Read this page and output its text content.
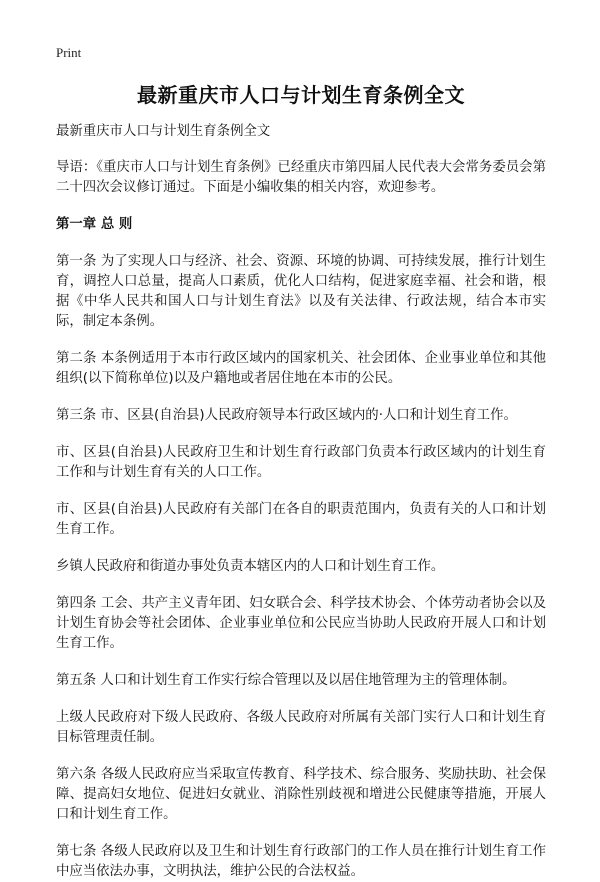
Print
最新重庆市人口与计划生育条例全文

最新重庆市人口与计划生育条例全文

导语：《重庆市人口与计划生育条例》已经重庆市第四届人民代表大会常务委员会第二十四次会议修订通过。下面是小编收集的相关内容，欢迎参考。

第一章 总 则

第一条 为了实现人口与经济、社会、资源、环境的协调、可持续发展，推行计划生育，调控人口总量，提高人口素质，优化人口结构，促进家庭幸福、社会和谐，根据《中华人民共和国人口与计划生育法》以及有关法律、行政法规，结合本市实际，制定本条例。

第二条 本条例适用于本市行政区域内的国家机关、社会团体、企业事业单位和其他组织(以下简称单位)以及户籍地或者居住地在本市的公民。

第三条 市、区县(自治县)人民政府领导本行政区域内的·人口和计划生育工作。

市、区县(自治县)人民政府卫生和计划生育行政部门负责本行政区域内的计划生育工作和与计划生育有关的人口工作。

市、区县(自治县)人民政府有关部门在各自的职责范围内，负责有关的人口和计划生育工作。

乡镇人民政府和街道办事处负责本辖区内的人口和计划生育工作。

第四条 工会、共产主义青年团、妇女联合会、科学技术协会、个体劳动者协会以及计划生育协会等社会团体、企业事业单位和公民应当协助人民政府开展人口和计划生育工作。

第五条 人口和计划生育工作实行综合管理以及以居住地管理为主的管理体制。

上级人民政府对下级人民政府、各级人民政府对所属有关部门实行人口和计划生育目标管理责任制。

第六条 各级人民政府应当采取宣传教育、科学技术、综合服务、奖励扶助、社会保障、提高妇女地位、促进妇女就业、消除性别歧视和增进公民健康等措施，开展人口和计划生育工作。

第七条 各级人民政府以及卫生和计划生育行政部门的工作人员在推行计划生育工作中应当依法办事，文明执法，维护公民的合法权益。
